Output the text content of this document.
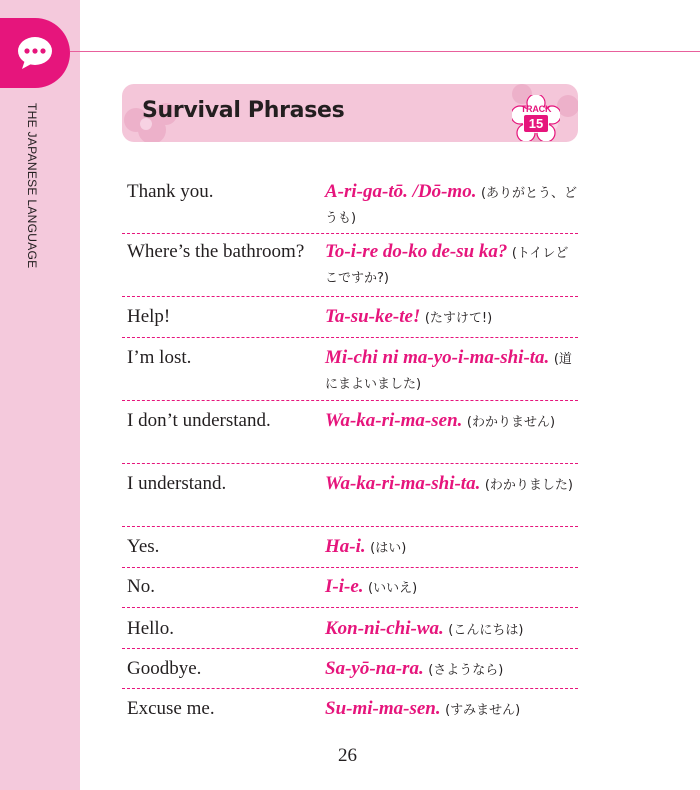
THE JAPANESE LANGUAGE	Survival Phrases	TRACK
15
Thank you.	A-ri-ga-tō. /Dō-mo. (ありがとう、どうも)
Where’s the bathroom?	To-i-re do-ko de-su ka? (トイレどこですか?)
Help!	Ta-su-ke-te! (たすけて!)
I’m lost.	Mi-chi ni ma-yo-i-ma-shi-ta. (道にまよいました)
I don’t understand.	Wa-ka-ri-ma-sen. (わかりません)
I understand.	Wa-ka-ri-ma-shi-ta. (わかりました)
Yes.	Ha-i. (はい)
No.	I-i-e. (いいえ)
Hello.	Kon-ni-chi-wa. (こんにちは)
Goodbye.	Sa-yō-na-ra. (さようなら)
Excuse me.	Su-mi-ma-sen. (すみません)
26
